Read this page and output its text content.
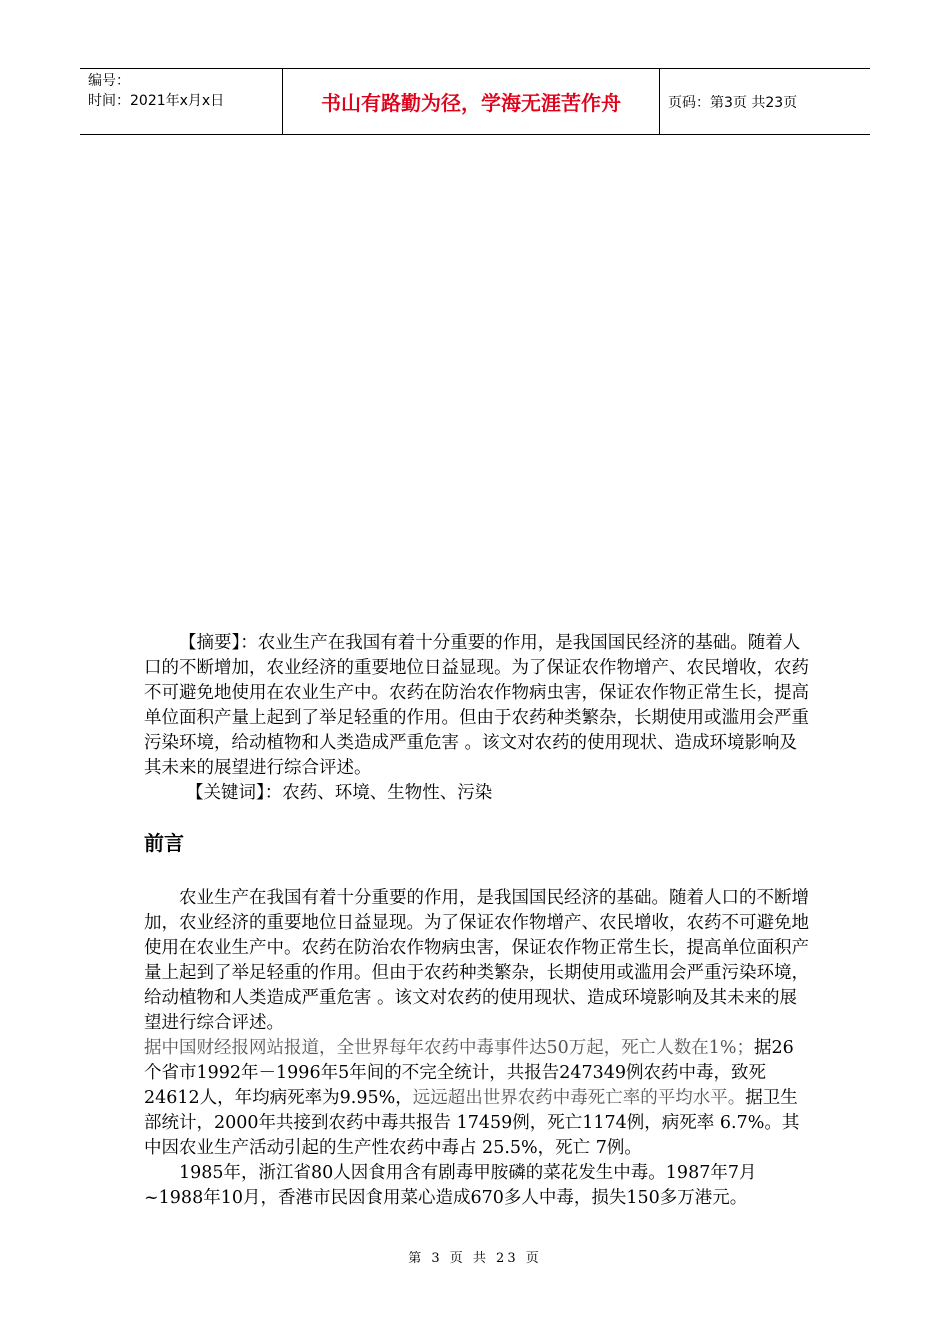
编号：
时间：2021年x月x日	书山有路勤为径，学海无涯苦作舟	页码：第3页 共23页

【摘要】：农业生产在我国有着十分重要的作用，是我国国民经济的基础。随着人口的不断增加，农业经济的重要地位日益显现。为了保证农作物增产、农民增收，农药不可避免地使用在农业生产中。农药在防治农作物病虫害，保证农作物正常生长，提高单位面积产量上起到了举足轻重的作用。但由于农药种类繁杂，长期使用或滥用会严重污染环境，给动植物和人类造成严重危害 。该文对农药的使用现状、造成环境影响及其未来的展望进行综合评述。

【关键词】：农药、环境、生物性、污染

前言

农业生产在我国有着十分重要的作用，是我国国民经济的基础。随着人口的不断增加，农业经济的重要地位日益显现。为了保证农作物增产、农民增收，农药不可避免地使用在农业生产中。农药在防治农作物病虫害，保证农作物正常生长，提高单位面积产量上起到了举足轻重的作用。但由于农药种类繁杂，长期使用或滥用会严重污染环境，给动植物和人类造成严重危害 。该文对农药的使用现状、造成环境影响及其未来的展望进行综合评述。

据中国财经报网站报道，全世界每年农药中毒事件达50万起，死亡人数在1%；据26个省市1992年－1996年5年间的不完全统计，共报告247349例农药中毒，致死24612人，年均病死率为9.95%，远远超出世界农药中毒死亡率的平均水平。据卫生部统计，2000年共接到农药中毒共报告 17459例，死亡1174例，病死率 6.7%。其中因农业生产活动引起的生产性农药中毒占 25.5%，死亡 7例。

1985年，浙江省80人因食用含有剧毒甲胺磷的菜花发生中毒。1987年7月~1988年10月，香港市民因食用菜心造成670多人中毒，损失150多万港元。

第 3 页 共 23 页
